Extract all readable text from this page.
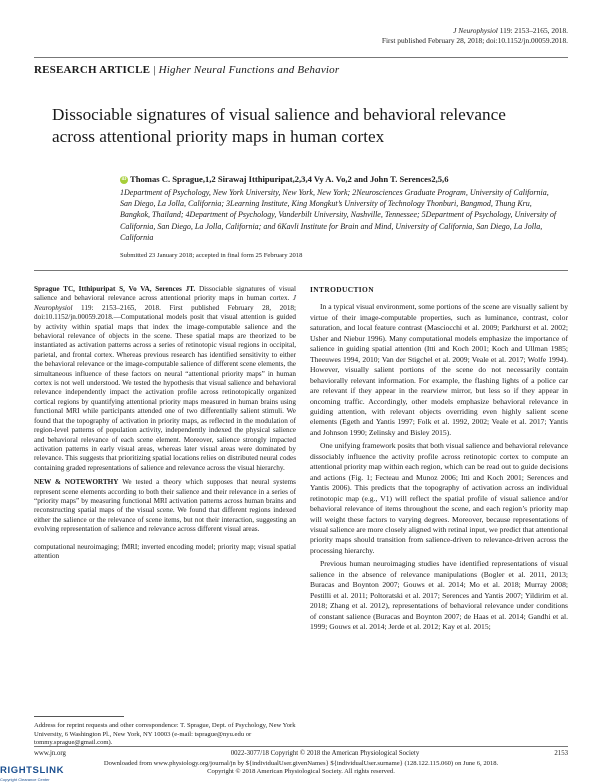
J Neurophysiol 119: 2153–2165, 2018.
First published February 28, 2018; doi:10.1152/jn.00059.2018.
RESEARCH ARTICLE | Higher Neural Functions and Behavior
Dissociable signatures of visual salience and behavioral relevance across attentional priority maps in human cortex
iD Thomas C. Sprague,1,2 Sirawaj Itthipuripat,2,3,4 Vy A. Vo,2 and John T. Serences2,5,6
1Department of Psychology, New York University, New York, New York; 2Neurosciences Graduate Program, University of California, San Diego, La Jolla, California; 3Learning Institute, King Mongkut’s University of Technology Thonburi, Bangmod, Thung Kru, Bangkok, Thailand; 4Department of Psychology, Vanderbilt University, Nashville, Tennessee; 5Department of Psychology, University of California, San Diego, La Jolla, California; and 6Kavli Institute for Brain and Mind, University of California, San Diego, La Jolla, California
Submitted 23 January 2018; accepted in final form 25 February 2018

Sprague TC, Itthipuripat S, Vo VA, Serences JT. Dissociable signatures of visual salience and behavioral relevance across attentional priority maps in human cortex. J Neurophysiol 119: 2153–2165, 2018. First published February 28, 2018; doi:10.1152/jn.00059.2018.—Computational models posit that visual attention is guided by activity within spatial maps that index the image-computable salience and the behavioral relevance of objects in the scene. These spatial maps are theorized to be instantiated as activation patterns across a series of retinotopic visual regions in occipital, parietal, and frontal cortex. Whereas previous research has identified sensitivity to either the behavioral relevance or the image-computable salience of different scene elements, the simultaneous influence of these factors on neural “attentional priority maps” in human cortex is not well understood. We tested the hypothesis that visual salience and behavioral relevance independently impact the activation profile across retinotopically organized cortical regions by quantifying attentional priority maps measured in human brains using functional MRI while participants attended one of two differentially salient stimuli. We found that the topography of activation in priority maps, as reflected in the modulation of region-level patterns of population activity, independently indexed the physical salience and behavioral relevance of each scene element. Moreover, salience strongly impacted activation patterns in early visual areas, whereas later visual areas were dominated by relevance. This suggests that prioritizing spatial locations relies on distributed neural codes containing graded representations of salience and relevance across the visual hierarchy.

NEW & NOTEWORTHY We tested a theory which supposes that neural systems represent scene elements according to both their salience and their relevance in a series of “priority maps” by measuring functional MRI activation patterns across human brains and reconstructing spatial maps of the visual scene. We found that different regions indexed either the salience or the relevance of scene items, but not their interaction, suggesting an evolving representation of salience and relevance across different visual areas.

computational neuroimaging; fMRI; inverted encoding model; priority map; visual spatial attention

INTRODUCTION

In a typical visual environment, some portions of the scene are visually salient by virtue of their image-computable properties, such as luminance, contrast, color saturation, and local feature contrast (Masciocchi et al. 2009; Parkhurst et al. 2002; Usher and Niebur 1996). Many computational models emphasize the importance of salience in guiding spatial attention (Itti and Koch 2001; Koch and Ullman 1985; Theeuwes 1994, 2010; Van der Stigchel et al. 2009; Veale et al. 2017; Wolfe 1994). However, visually salient portions of the scene do not necessarily contain behaviorally relevant information. For example, the flashing lights of a police car are relevant if they appear in the rearview mirror, but less so if they appear in oncoming traffic. Accordingly, other models emphasize behavioral relevance in guiding attention, with relevant objects overriding even highly salient scene elements (Egeth and Yantis 1997; Folk et al. 1992, 2002; Veale et al. 2017; Yantis and Johnson 1990; Zelinsky and Bisley 2015).

One unifying framework posits that both visual salience and behavioral relevance dissociably influence the activity profile across retinotopic cortex to compute an attentional priority map within each region, which can be read out to guide decisions and actions (Fig. 1; Fecteau and Munoz 2006; Itti and Koch 2001; Serences and Yantis 2006). This predicts that the topography of activation across an individual retinotopic map (e.g., V1) will reflect the spatial profile of visual salience and/or behavioral relevance of items throughout the scene, and each region’s priority map will weight these factors to varying degrees. Moreover, because representations of visual salience are more closely aligned with retinal input, we predict that attentional priority maps should transition from salience-driven to relevance-driven across the processing hierarchy.

Previous human neuroimaging studies have identified representations of visual salience in the absence of relevance manipulations (Bogler et al. 2011, 2013; Buracas and Boynton 2007; Gouws et al. 2014; Mo et al. 2018; Murray 2008; Pestilli et al. 2011; Poltoratski et al. 2017; Serences and Yantis 2007; Yildirim et al. 2018; Zhang et al. 2012), representations of behavioral relevance under conditions of constant salience (Buracas and Boynton 2007; de Haas et al. 2014; Gandhi et al. 1999; Gouws et al. 2014; Jerde et al. 2012; Kay et al. 2015;

Address for reprint requests and other correspondence: T. Sprague, Dept. of Psychology, New York University, 6 Washington Pl., New York, NY 10003 (e-mail: tsprague@nyu.edu or tommy.sprague@gmail.com).
www.jn.org	0022-3077/18 Copyright © 2018 the American Physiological Society	2153
Downloaded from www.physiology.org/journal/jn by ${individualUser.givenNames} ${individualUser.surname} (128.122.115.060) on June 6, 2018.
Copyright © 2018 American Physiological Society. All rights reserved.
RIGHTSLINK
Copyright Clearance Center
